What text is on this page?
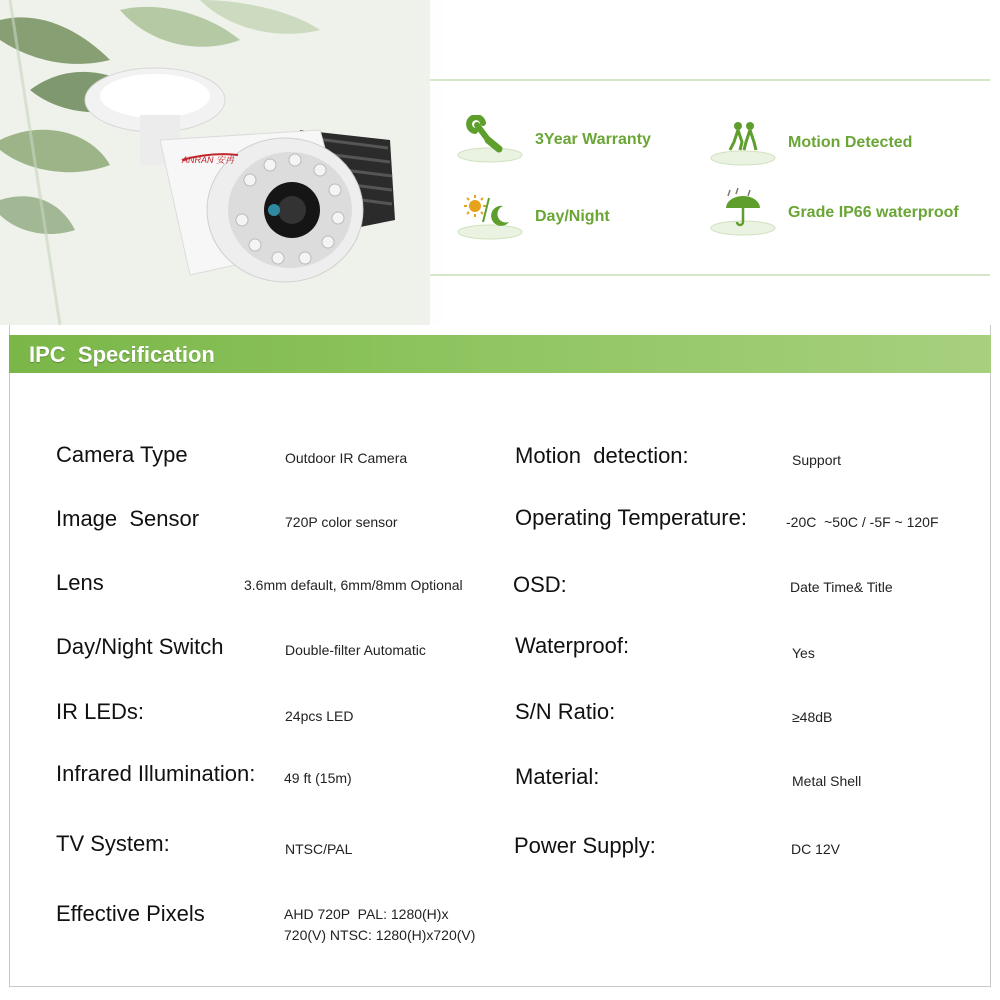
ANRAN 安冉
3Year Warranty	Motion Detected
Day/Night	Grade IP66 waterproof
IPC  Specification
Camera Type	Outdoor IR Camera
Image  Sensor	720P color sensor
Lens	3.6mm default, 6mm/8mm Optional
Day/Night Switch	Double-filter Automatic
IR LEDs:	24pcs LED
Infrared Illumination: 49 ft (15m)
TV System:	NTSC/PAL
Effective Pixels	AHD 720P  PAL: 1280(H)x
720(V) NTSC: 1280(H)x720(V)
Motion  detection:	Support
Operating Temperature:	-20C  ~50C / -5F ~ 120F
OSD:	Date Time& Title
Waterproof:	Yes
S/N Ratio:	≥48dB
Material:	Metal Shell
Power Supply:	DC 12V
